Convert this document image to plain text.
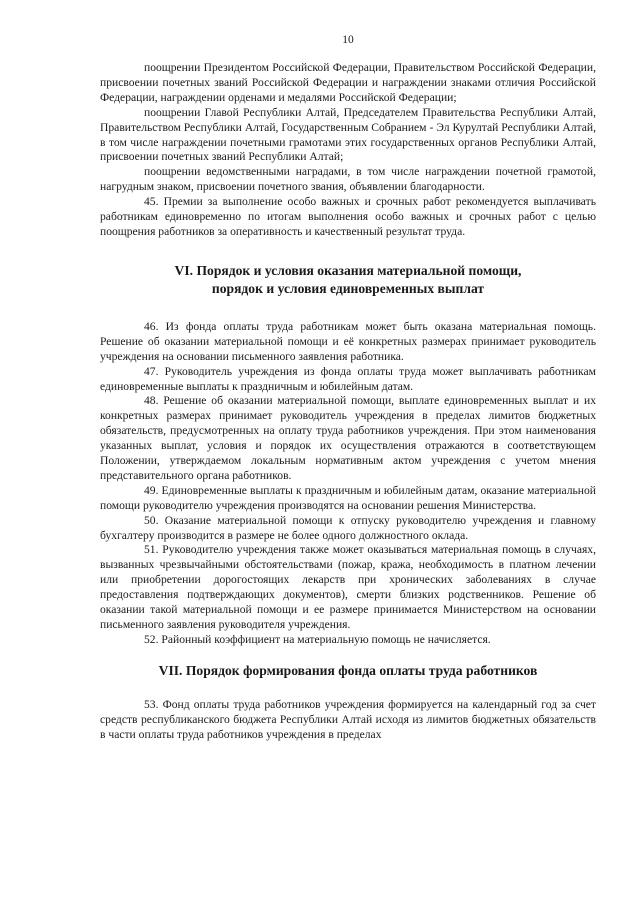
10

поощрении Президентом Российской Федерации, Правительством Российской Федерации, присвоении почетных званий Российской Федерации и награждении знаками отличия Российской Федерации, награждении орденами и медалями Российской Федерации;

поощрении Главой Республики Алтай, Председателем Правительства Республики Алтай, Правительством Республики Алтай, Государственным Собранием - Эл Курултай Республики Алтай, в том числе награждении почетными грамотами этих государственных органов Республики Алтай, присвоении почетных званий Республики Алтай;

поощрении ведомственными наградами, в том числе награждении почетной грамотой, нагрудным знаком, присвоении почетного звания, объявлении благодарности.

45. Премии за выполнение особо важных и срочных работ рекомендуется выплачивать работникам единовременно по итогам выполнения особо важных и срочных работ с целью поощрения работников за оперативность и качественный результат труда.

VI. Порядок и условия оказания материальной помощи,
порядок и условия единовременных выплат

46. Из фонда оплаты труда работникам может быть оказана материальная помощь. Решение об оказании материальной помощи и её конкретных размерах принимает руководитель учреждения на основании письменного заявления работника.

47. Руководитель учреждения из фонда оплаты труда может выплачивать работникам единовременные выплаты к праздничным и юбилейным датам.

48. Решение об оказании материальной помощи, выплате единовременных выплат и их конкретных размерах принимает руководитель учреждения в пределах лимитов бюджетных обязательств, предусмотренных на оплату труда работников учреждения. При этом наименования указанных выплат, условия и порядок их осуществления отражаются в соответствующем Положении, утверждаемом локальным нормативным актом учреждения с учетом мнения представительного органа работников.

49. Единовременные выплаты к праздничным и юбилейным датам, оказание материальной помощи руководителю учреждения производятся на основании решения Министерства.

50. Оказание материальной помощи к отпуску руководителю учреждения и главному бухгалтеру производится в размере не более одного должностного оклада.

51. Руководителю учреждения также может оказываться материальная помощь в случаях, вызванных чрезвычайными обстоятельствами (пожар, кража, необходимость в платном лечении или приобретении дорогостоящих лекарств при хронических заболеваниях в случае предоставления подтверждающих документов), смерти близких родственников. Решение об оказании такой материальной помощи и ее размере принимается Министерством на основании письменного заявления руководителя учреждения.

52. Районный коэффициент на материальную помощь не начисляется.

VII. Порядок формирования фонда оплаты труда работников

53. Фонд оплаты труда работников учреждения формируется на календарный год за счет средств республиканского бюджета Республики Алтай исходя из лимитов бюджетных обязательств в части оплаты труда работников учреждения в пределах
